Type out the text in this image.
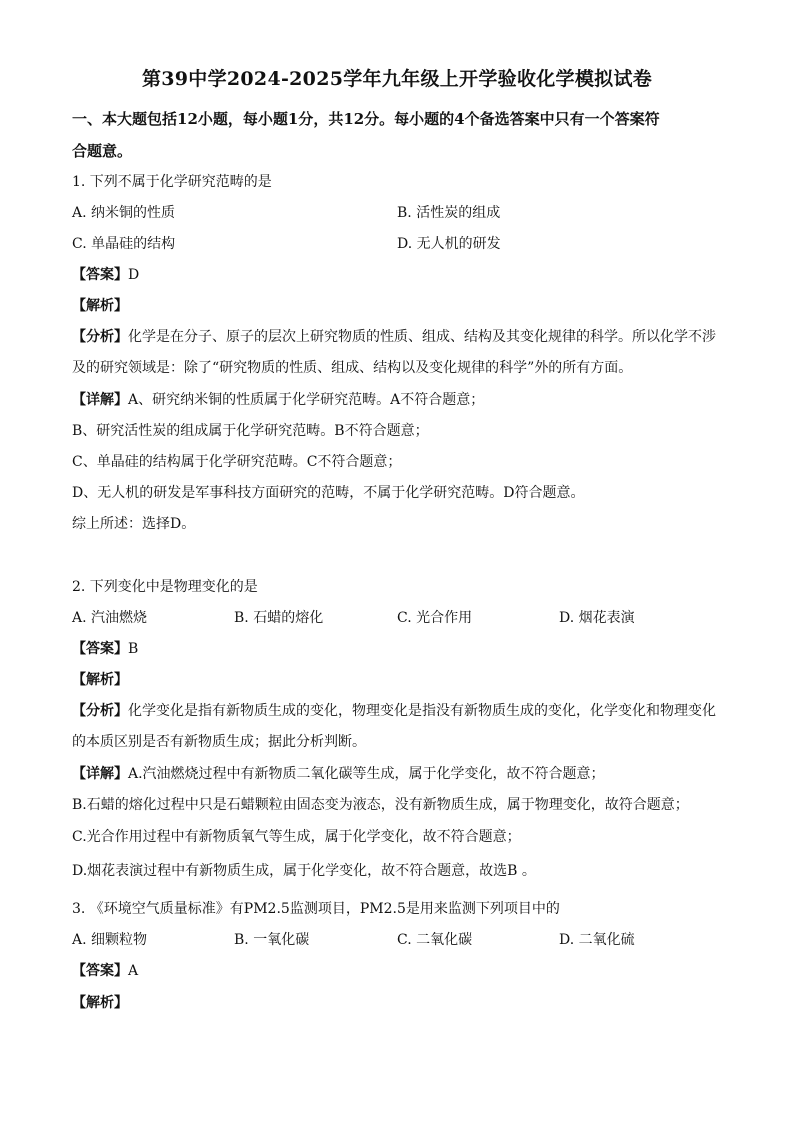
第39中学2024-2025学年九年级上开学验收化学模拟试卷
一、本大题包括12小题，每小题1分，共12分。每小题的4个备选答案中只有一个答案符
合题意。
1. 下列不属于化学研究范畴的是
A. 纳米铜的性质	B. 活性炭的组成
C. 单晶硅的结构	D. 无人机的研发
【答案】D
【解析】
【分析】化学是在分子、原子的层次上研究物质的性质、组成、结构及其变化规律的科学。所以化学不涉
及的研究领域是：除了“研究物质的性质、组成、结构以及变化规律的科学”外的所有方面。
【详解】A、研究纳米铜的性质属于化学研究范畴。A不符合题意；
B、研究活性炭的组成属于化学研究范畴。B不符合题意；
C、单晶硅的结构属于化学研究范畴。C不符合题意；
D、无人机的研发是军事科技方面研究的范畴，不属于化学研究范畴。D符合题意。
综上所述：选择D。
2. 下列变化中是物理变化的是
A. 汽油燃烧	B. 石蜡的熔化	C. 光合作用	D. 烟花表演
【答案】B
【解析】
【分析】化学变化是指有新物质生成的变化，物理变化是指没有新物质生成的变化，化学变化和物理变化
的本质区别是否有新物质生成；据此分析判断。
【详解】A.汽油燃烧过程中有新物质二氧化碳等生成，属于化学变化，故不符合题意；
B.石蜡的熔化过程中只是石蜡颗粒由固态变为液态，没有新物质生成，属于物理变化，故符合题意；
C.光合作用过程中有新物质氧气等生成，属于化学变化，故不符合题意；
D.烟花表演过程中有新物质生成，属于化学变化，故不符合题意，故选B 。
3. 《环境空气质量标准》有PM2.5监测项目，PM2.5是用来监测下列项目中的
A. 细颗粒物	B. 一氧化碳	C. 二氧化碳	D. 二氧化硫
【答案】A
【解析】
